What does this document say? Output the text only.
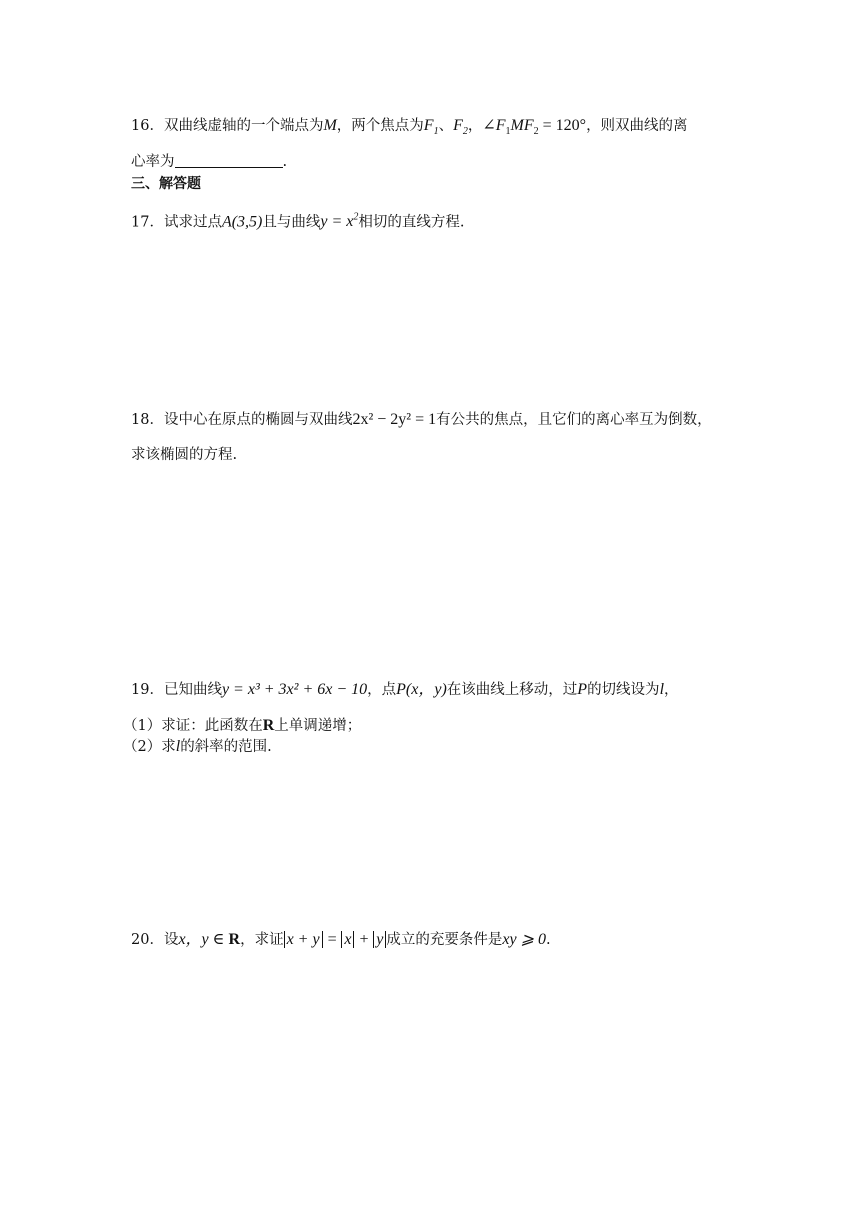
16．双曲线虚轴的一个端点为M，两个焦点为$F_1$、$F_2$，$\angle F_1MF_2 = 120^\circ$，则双曲线的离
心率为	.
三、解答题
17．试求过点A(3,5)且与曲线$y = x^2$相切的直线方程.
18．设中心在原点的椭圆与双曲线2x² − 2y² = 1有公共的焦点，且它们的离心率互为倒数，
求该椭圆的方程.
19．已知曲线y = x³ + 3x² + 6x − 10，点P(x，y)在该曲线上移动，过P的切线设为l，
（1）求证：此函数在R上单调递增；
（2）求l的斜率的范围.
20．设x，y ∈ R，求证 x + y = x + y 成立的充要条件是xy ⩾ 0.
